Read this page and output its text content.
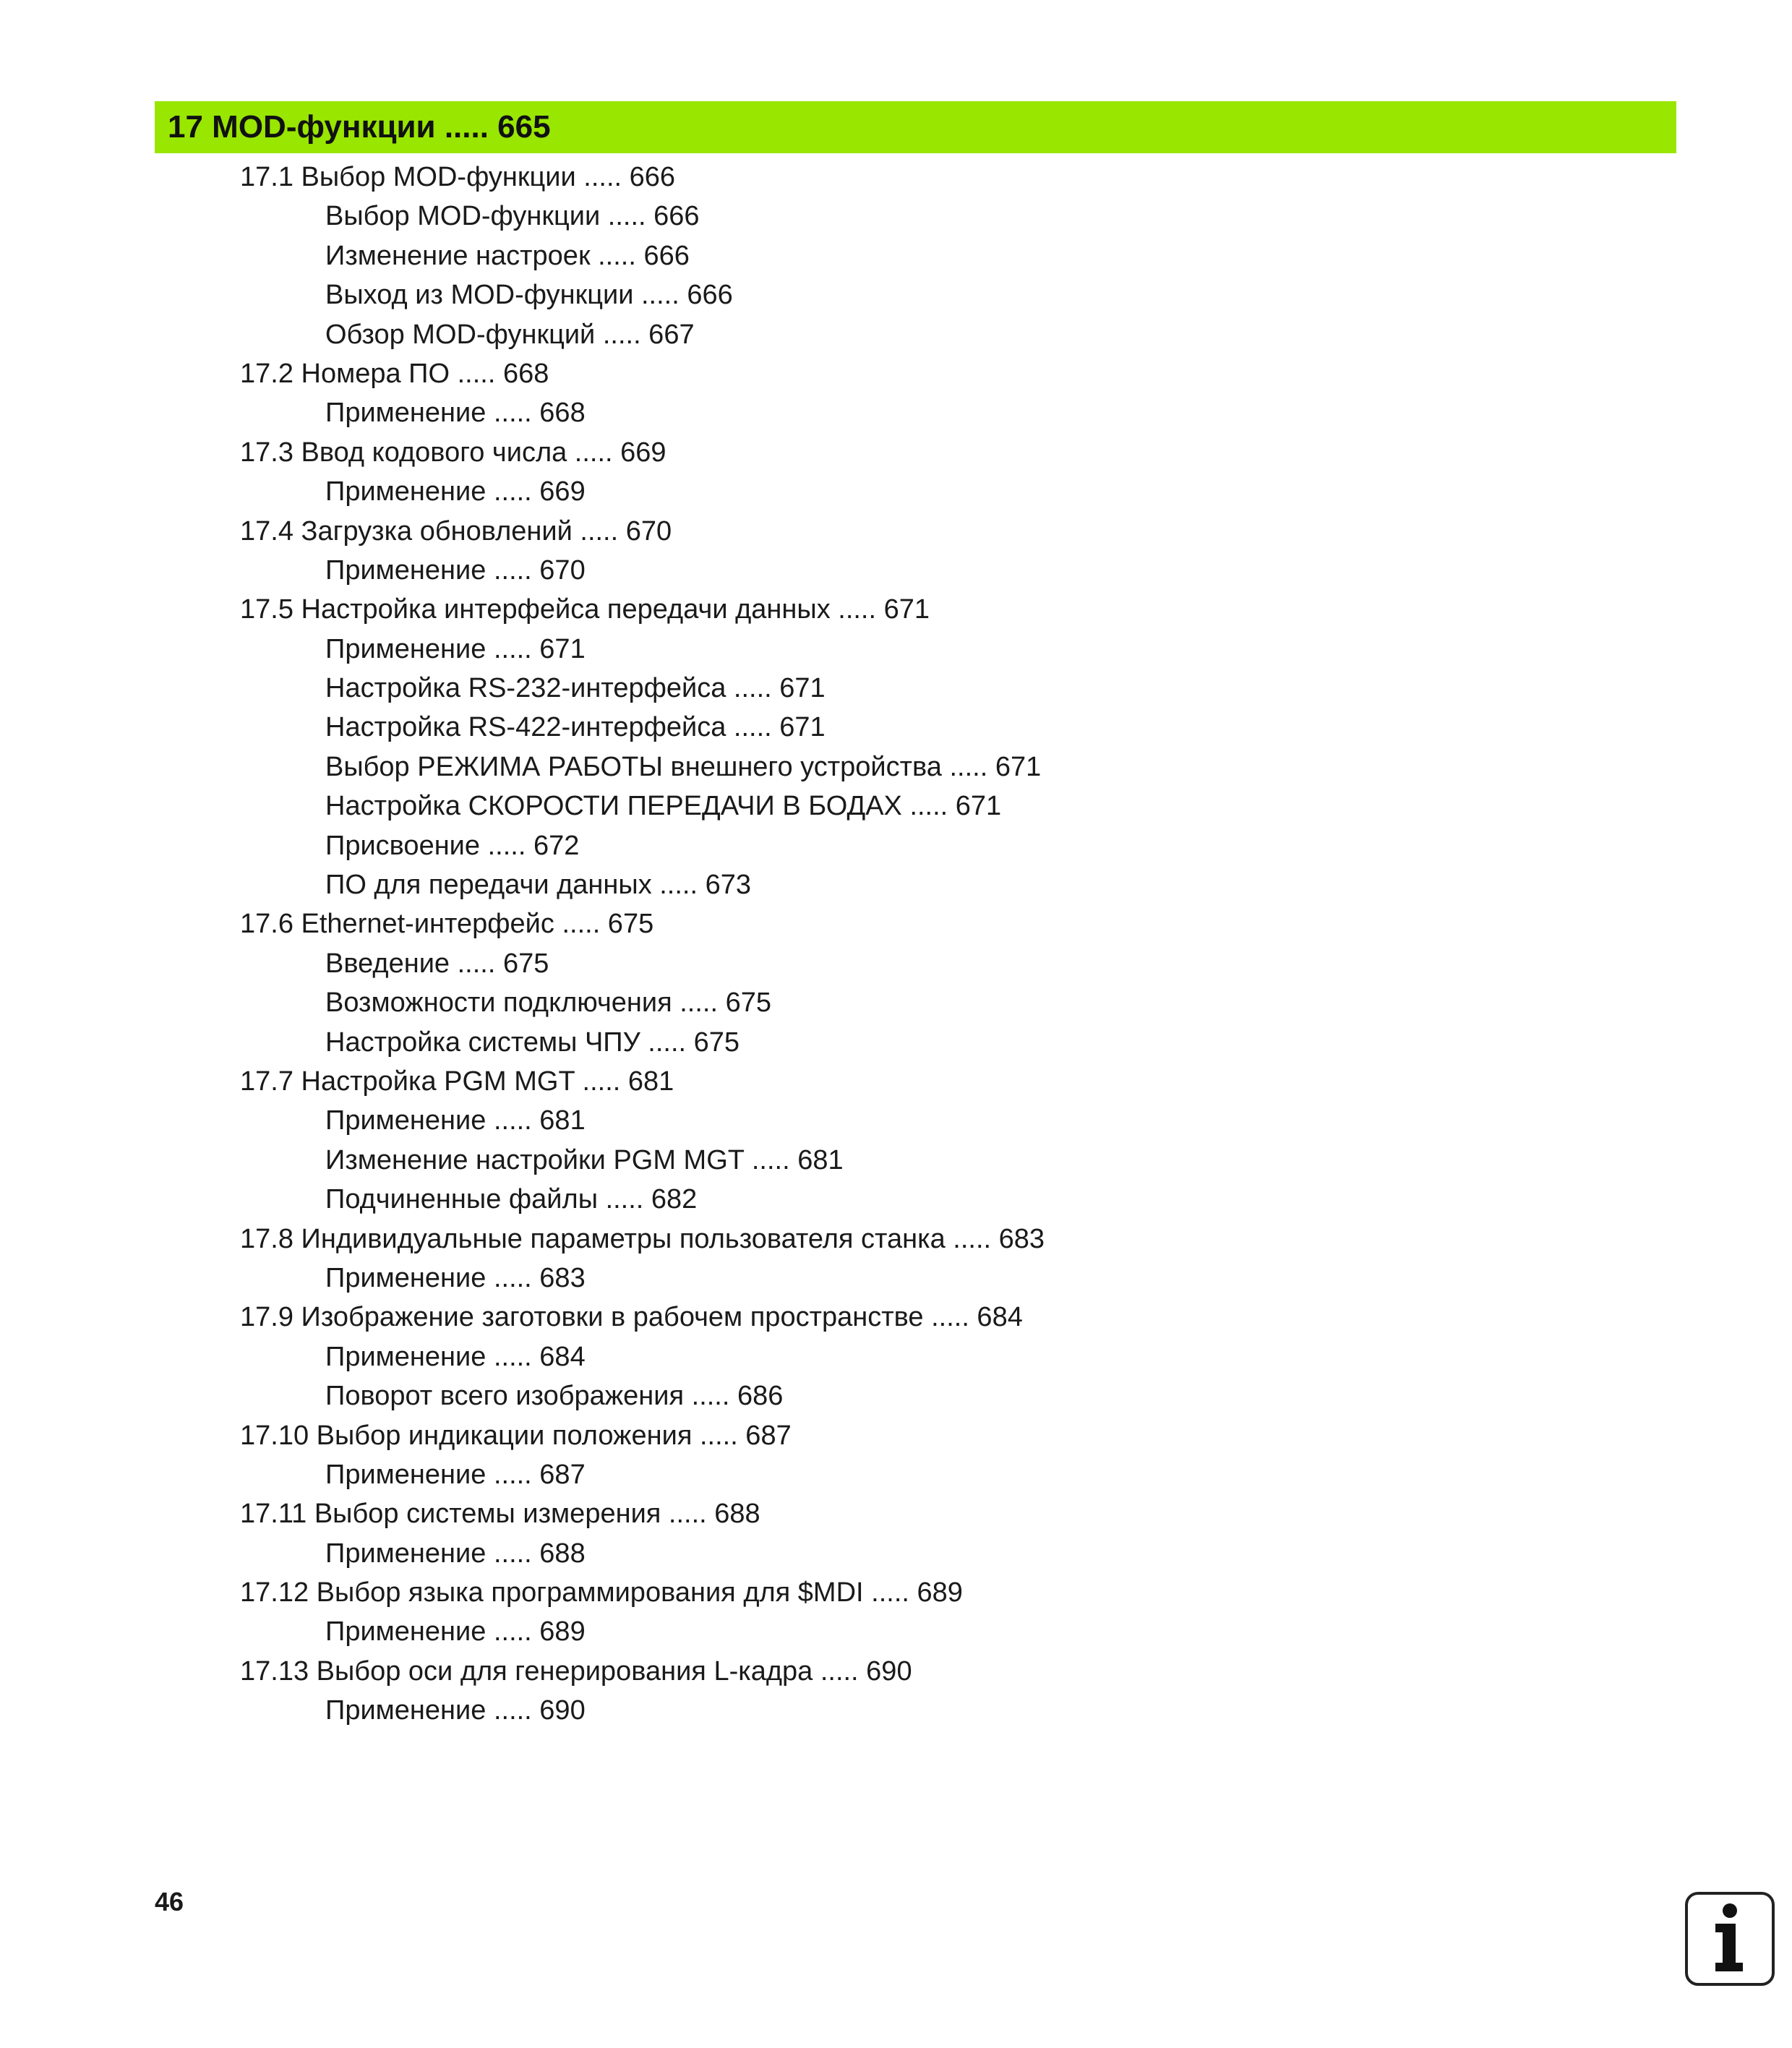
17 MOD-функции ..... 665
17.1 Выбор MOD-функции ..... 666
Выбор MOD-функции ..... 666
Изменение настроек ..... 666
Выход из MOD-функции ..... 666
Обзор MOD-функций ..... 667
17.2 Номера ПО ..... 668
Применение ..... 668
17.3 Ввод кодового числа ..... 669
Применение ..... 669
17.4 Загрузка обновлений ..... 670
Применение ..... 670
17.5 Настройка интерфейса передачи данных ..... 671
Применение ..... 671
Настройка RS-232-интерфейса ..... 671
Настройка RS-422-интерфейса ..... 671
Выбор РЕЖИМА РАБОТЫ внешнего устройства ..... 671
Настройка СКОРОСТИ ПЕРЕДАЧИ В БОДАХ ..... 671
Присвоение ..... 672
ПО для передачи данных ..... 673
17.6 Ethernet-интерфейс ..... 675
Введение ..... 675
Возможности подключения ..... 675
Настройка системы ЧПУ ..... 675
17.7 Настройка PGM MGT ..... 681
Применение ..... 681
Изменение настройки PGM MGT ..... 681
Подчиненные файлы ..... 682
17.8 Индивидуальные параметры пользователя станка ..... 683
Применение ..... 683
17.9 Изображение заготовки в рабочем пространстве ..... 684
Применение ..... 684
Поворот всего изображения ..... 686
17.10 Выбор индикации положения ..... 687
Применение ..... 687
17.11 Выбор системы измерения ..... 688
Применение ..... 688
17.12 Выбор языка программирования для $MDI ..... 689
Применение ..... 689
17.13 Выбор оси для генерирования L-кадра ..... 690
Применение ..... 690
46
